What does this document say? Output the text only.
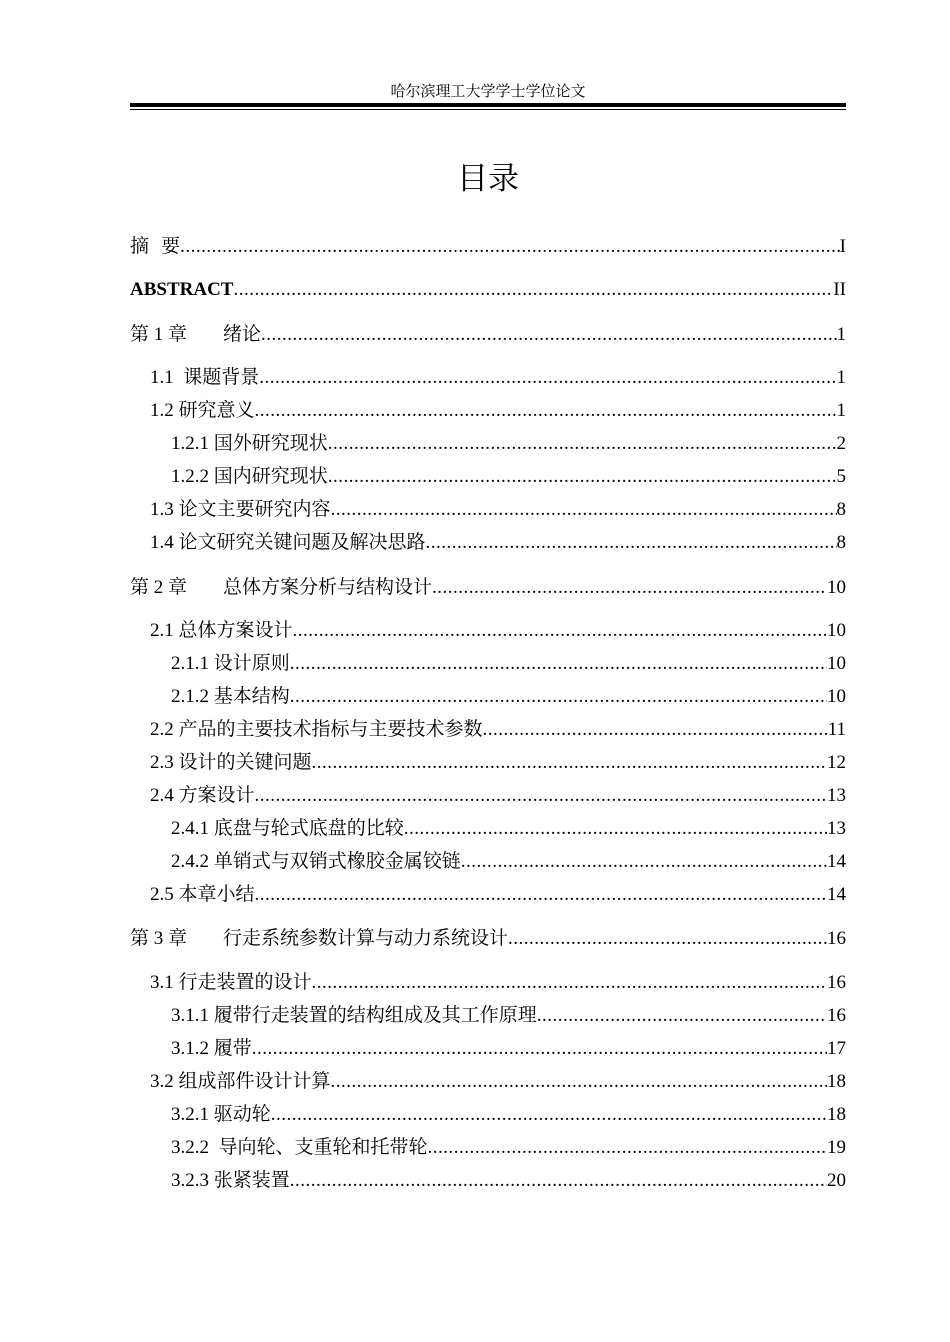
哈尔滨理工大学学士学位论文
目录
摘  要 .....	I
ABSTRACT .....	II
第 1 章 绪论 .....	1
1.1  课题背景 .....	1
1.2 研究意义 .....	1
1.2.1 国外研究现状 .....	2
1.2.2 国内研究现状 .....	5
1.3 论文主要研究内容 .....	8
1.4 论文研究关键问题及解决思路 .....	8
第 2 章 总体方案分析与结构设计 .....	10
2.1 总体方案设计 .....	10
2.1.1 设计原则 .....	10
2.1.2 基本结构 .....	10
2.2 产品的主要技术指标与主要技术参数 .....	11
2.3 设计的关键问题 .....	12
2.4 方案设计 .....	13
2.4.1 底盘与轮式底盘的比较 .....	13
2.4.2 单销式与双销式橡胶金属铰链 .....	14
2.5 本章小结 .....	14
第 3 章 行走系统参数计算与动力系统设计 .....	16
3.1 行走装置的设计 .....	16
3.1.1 履带行走装置的结构组成及其工作原理 .....	16
3.1.2 履带 .....	17
3.2 组成部件设计计算 .....	18
3.2.1 驱动轮 .....	18
3.2.2  导向轮、支重轮和托带轮 .....	19
3.2.3 张紧装置 .....	20
